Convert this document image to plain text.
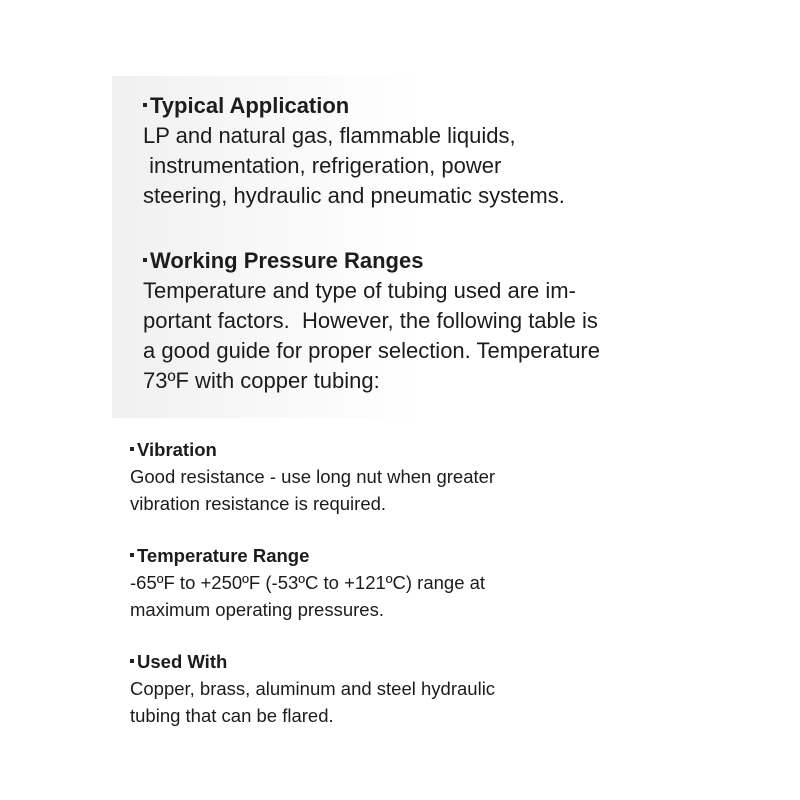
Typical Application
LP and natural gas, flammable liquids,
instrumentation, refrigeration, power
steering, hydraulic and pneumatic systems.
Working Pressure Ranges
Temperature and type of tubing used are im-
portant factors.  However, the following table is
a good guide for proper selection. Temperature
73ºF with copper tubing:
Vibration
Good resistance - use long nut when greater
vibration resistance is required.
Temperature Range
-65ºF to +250ºF (-53ºC to +121ºC) range at
maximum operating pressures.
Used With
Copper, brass, aluminum and steel hydraulic
tubing that can be flared.
